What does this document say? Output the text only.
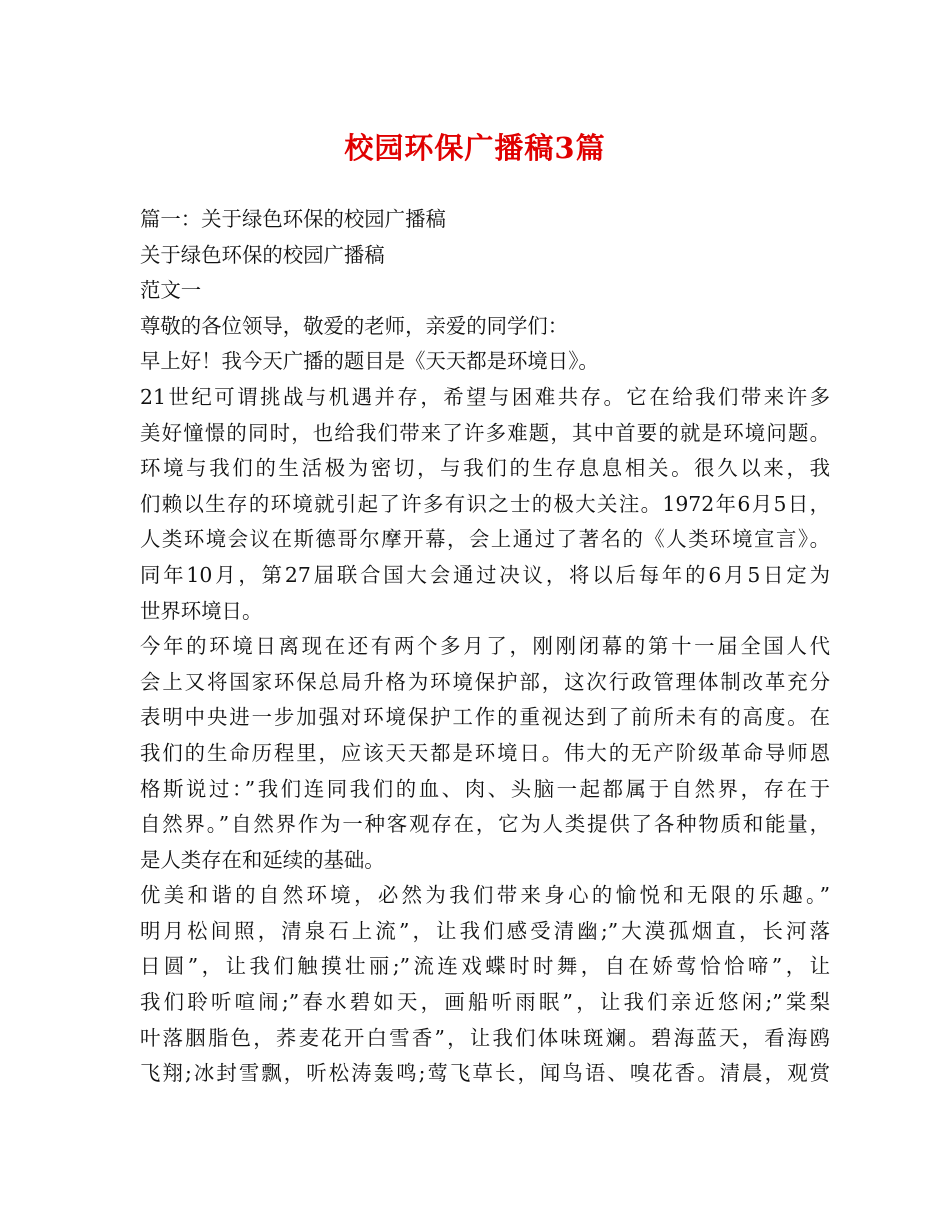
校园环保广播稿3篇
篇一：关于绿色环保的校园广播稿
关于绿色环保的校园广播稿
范文一
尊敬的各位领导，敬爱的老师，亲爱的同学们：
早上好！我今天广播的题目是《天天都是环境日》。
21世纪可谓挑战与机遇并存，希望与困难共存。它在给我们带来许多
美好憧憬的同时，也给我们带来了许多难题，其中首要的就是环境问题。
环境与我们的生活极为密切，与我们的生存息息相关。很久以来，我
们赖以生存的环境就引起了许多有识之士的极大关注。1972年6月5日，
人类环境会议在斯德哥尔摩开幕，会上通过了著名的《人类环境宣言》。
同年10月，第27届联合国大会通过决议，将以后每年的6月5日定为
世界环境日。
今年的环境日离现在还有两个多月了，刚刚闭幕的第十一届全国人代
会上又将国家环保总局升格为环境保护部，这次行政管理体制改革充分
表明中央进一步加强对环境保护工作的重视达到了前所未有的高度。在
我们的生命历程里，应该天天都是环境日。伟大的无产阶级革命导师恩
格斯说过：”我们连同我们的血、肉、头脑一起都属于自然界，存在于
自然界。”自然界作为一种客观存在，它为人类提供了各种物质和能量，
是人类存在和延续的基础。
优美和谐的自然环境，必然为我们带来身心的愉悦和无限的乐趣。”
明月松间照，清泉石上流”，让我们感受清幽;”大漠孤烟直，长河落
日圆”，让我们触摸壮丽;”流连戏蝶时时舞，自在娇莺恰恰啼”，让
我们聆听喧闹;”春水碧如天，画船听雨眠”，让我们亲近悠闲;”棠梨
叶落胭脂色，荞麦花开白雪香”，让我们体味斑斓。碧海蓝天，看海鸥
飞翔;冰封雪飘，听松涛轰鸣;莺飞草长，闻鸟语、嗅花香。清晨，观赏
